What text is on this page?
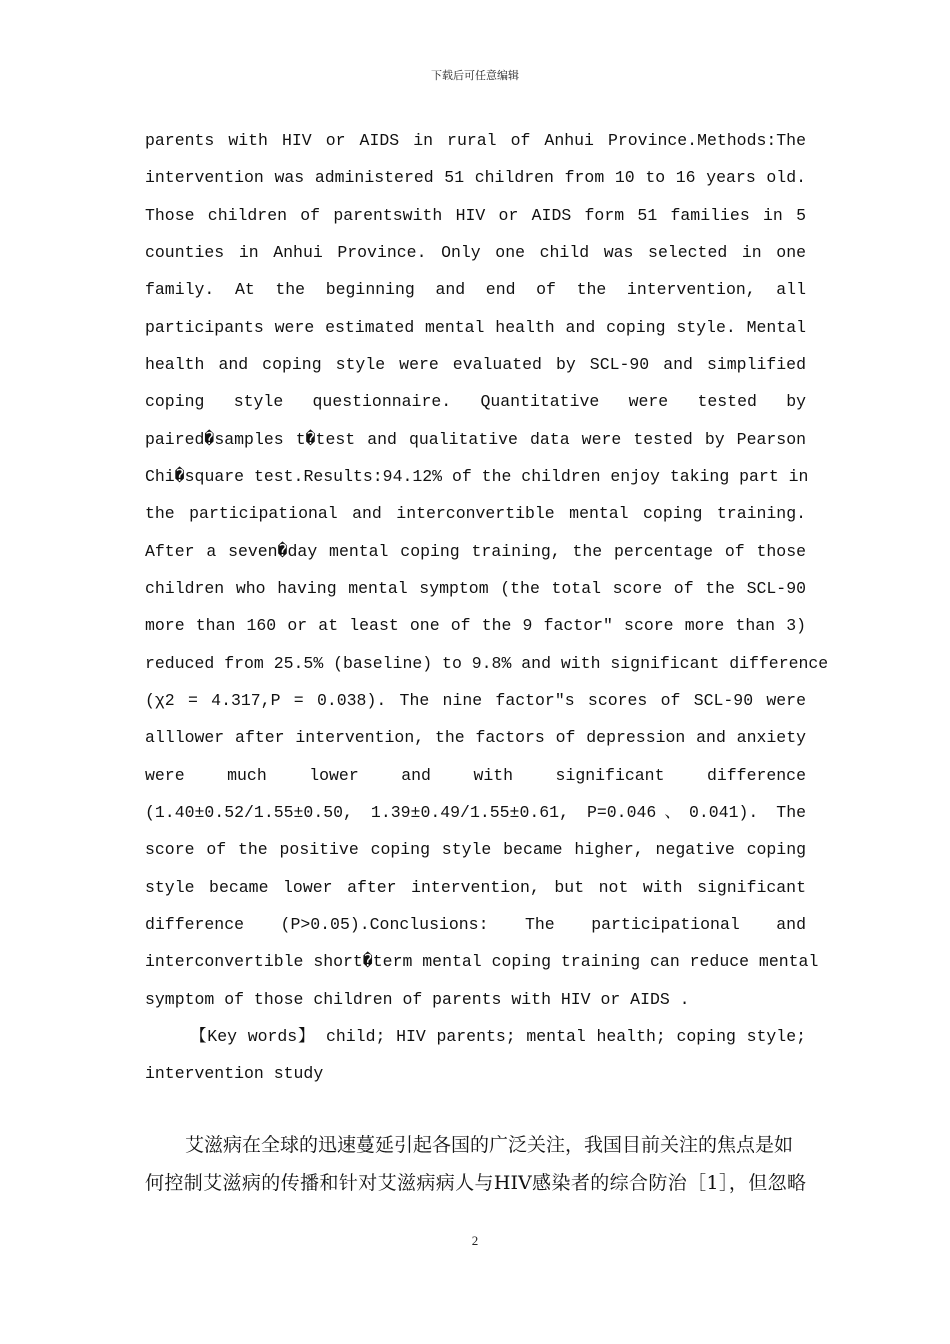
下载后可任意编辑
parents with HIV or AIDS in rural of Anhui Province.Methods:The
intervention was administered 51 children from 10 to 16 years old.
Those children of parentswith HIV or AIDS form 51 families in 5
counties in Anhui Province. Only one child was selected in one
family. At the beginning and end of the intervention, all
participants were estimated mental health and coping style. Mental
health and coping style were evaluated by SCL-90 and simplified
coping style questionnaire. Quantitative were tested by
paired�samples t�test and qualitative data were tested by Pearson
Chi�square test.Results:94.12% of the children enjoy taking part in
the participational and interconvertible mental coping training.
After a seven�day mental coping training, the percentage of those
children who having mental symptom (the total score of the SCL-90
more than 160 or at least one of the 9 factor″ score more than 3)
reduced from 25.5% (baseline) to 9.8% and with significant difference
(χ2 = 4.317,P = 0.038). The nine factor″s scores of SCL-90 were
alllower after intervention, the factors of depression and anxiety
were much lower and with significant difference
(1.40±0.52/1.55±0.50, 1.39±0.49/1.55±0.61, P=0.046、0.041). The
score of the positive coping style became higher, negative coping
style became lower after intervention, but not with significant
difference (P>0.05).Conclusions: The participational and
interconvertible short�term mental coping training can reduce mental
symptom of those children of parents with HIV or AIDS .
【Key words】 child; HIV parents; mental health; coping style;
intervention study
艾滋病在全球的迅速蔓延引起各国的广泛关注，我国目前关注的焦点是如
何控制艾滋病的传播和针对艾滋病病人与HIV感染者的综合防治［1］，但忽略
2
